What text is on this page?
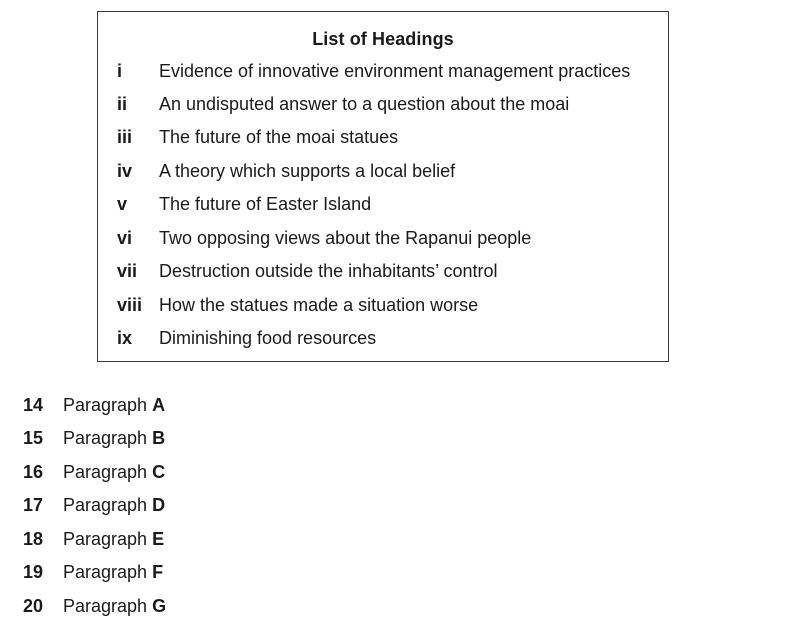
List of Headings
i Evidence of innovative environment management practices
ii An undisputed answer to a question about the moai
iii The future of the moai statues
iv A theory which supports a local belief
v The future of Easter Island
vi Two opposing views about the Rapanui people
vii Destruction outside the inhabitants’ control
viii How the statues made a situation worse
ix Diminishing food resources
14 Paragraph A
15 Paragraph B
16 Paragraph C
17 Paragraph D
18 Paragraph E
19 Paragraph F
20 Paragraph G
